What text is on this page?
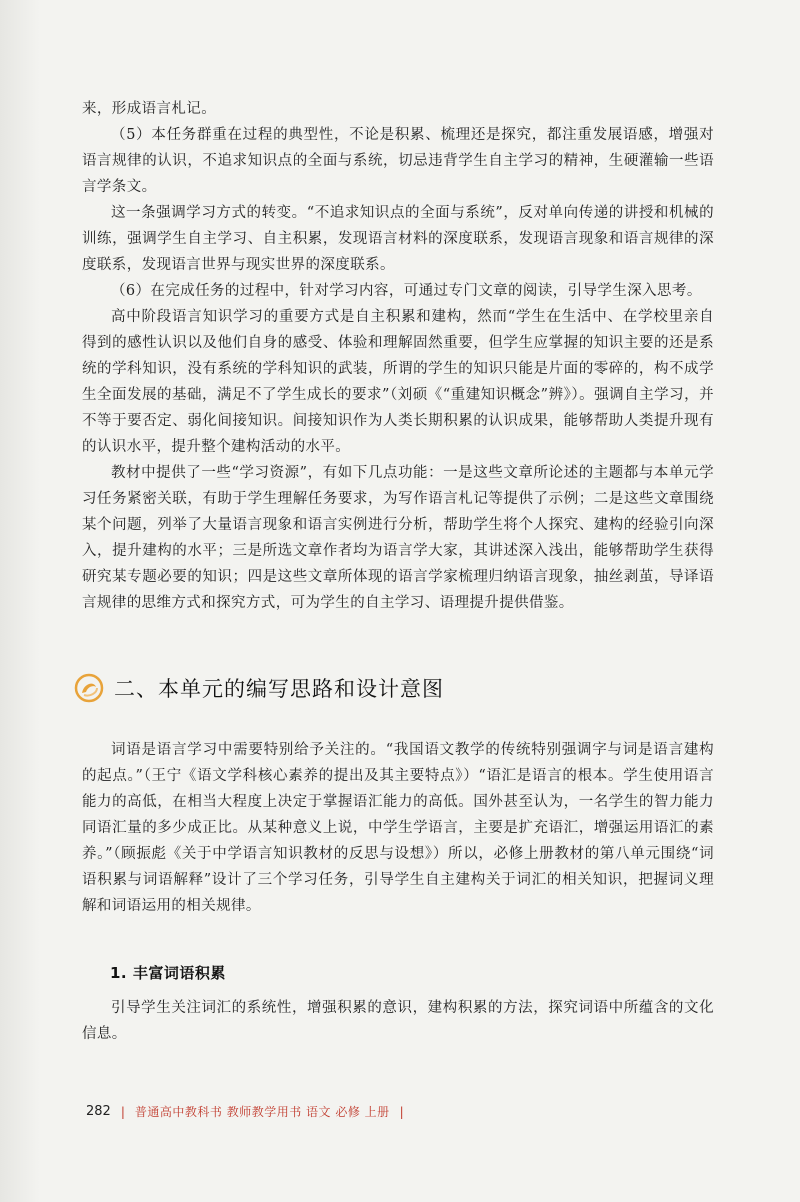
来，形成语言札记。

（5）本任务群重在过程的典型性，不论是积累、梳理还是探究，都注重发展语感，增强对语言规律的认识，不追求知识点的全面与系统，切忌违背学生自主学习的精神，生硬灌输一些语言学条文。

这一条强调学习方式的转变。“不追求知识点的全面与系统”，反对单向传递的讲授和机械的训练，强调学生自主学习、自主积累，发现语言材料的深度联系，发现语言现象和语言规律的深度联系，发现语言世界与现实世界的深度联系。

（6）在完成任务的过程中，针对学习内容，可通过专门文章的阅读，引导学生深入思考。

高中阶段语言知识学习的重要方式是自主积累和建构，然而“学生在生活中、在学校里亲自得到的感性认识以及他们自身的感受、体验和理解固然重要，但学生应掌握的知识主要的还是系统的学科知识，没有系统的学科知识的武装，所谓的学生的知识只能是片面的零碎的，构不成学生全面发展的基础，满足不了学生成长的要求”（刘硕《“重建知识概念”辨》）。强调自主学习，并不等于要否定、弱化间接知识。间接知识作为人类长期积累的认识成果，能够帮助人类提升现有的认识水平，提升整个建构活动的水平。

教材中提供了一些“学习资源”，有如下几点功能：一是这些文章所论述的主题都与本单元学习任务紧密关联，有助于学生理解任务要求，为写作语言札记等提供了示例；二是这些文章围绕某个问题，列举了大量语言现象和语言实例进行分析，帮助学生将个人探究、建构的经验引向深入，提升建构的水平；三是所选文章作者均为语言学大家，其讲述深入浅出，能够帮助学生获得研究某专题必要的知识；四是这些文章所体现的语言学家梳理归纳语言现象，抽丝剥茧，导译语言规律的思维方式和探究方式，可为学生的自主学习、语理提升提供借鉴。

二、本单元的编写思路和设计意图

词语是语言学习中需要特别给予关注的。“我国语文教学的传统特别强调字与词是语言建构的起点。”（王宁《语文学科核心素养的提出及其主要特点》）“语汇是语言的根本。学生使用语言能力的高低，在相当大程度上决定于掌握语汇能力的高低。国外甚至认为，一名学生的智力能力同语汇量的多少成正比。从某种意义上说，中学生学语言，主要是扩充语汇，增强运用语汇的素养。”（顾振彪《关于中学语言知识教材的反思与设想》）所以，必修上册教材的第八单元围绕“词语积累与词语解释”设计了三个学习任务，引导学生自主建构关于词汇的相关知识，把握词义理解和词语运用的相关规律。

1. 丰富词语积累

引导学生关注词汇的系统性，增强积累的意识，建构积累的方法，探究词语中所蕴含的文化信息。

282 | 普通高中教科书 教师教学用书 语文 必修 上册 |
